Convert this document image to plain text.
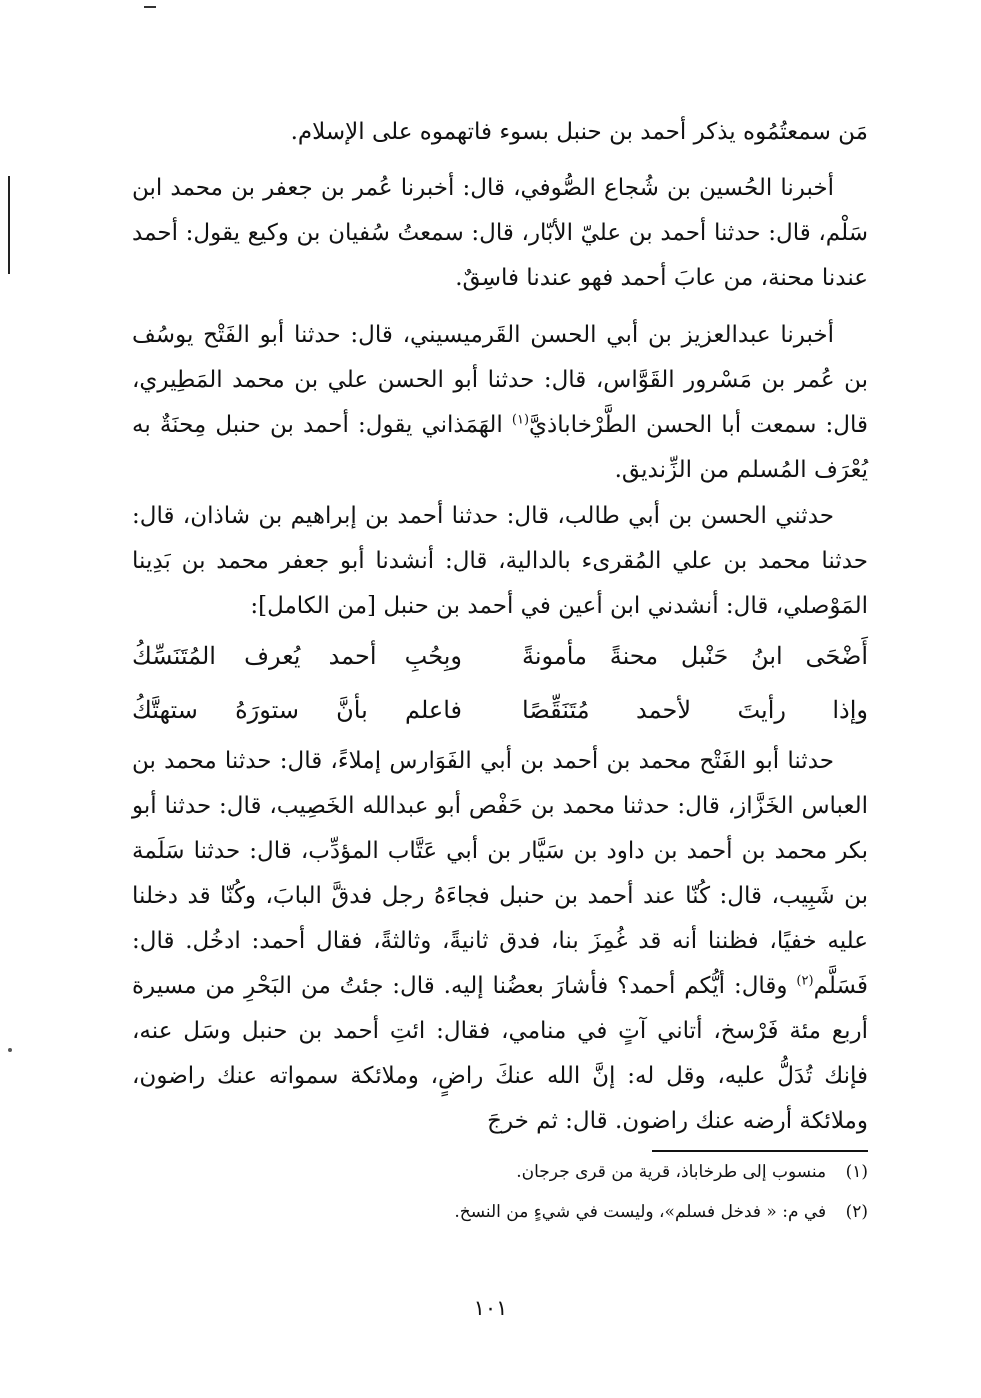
مَن سمعتُمُوه يذكر أحمد بن حنبل بسوء فاتهموه على الإسلام.

أخبرنا الحُسين بن شُجاع الصُّوفي، قال: أخبرنا عُمر بن جعفر بن محمد ابن سَلْم، قال: حدثنا أحمد بن عليّ الأبّار، قال: سمعتُ سُفيان بن وكيع يقول: أحمد عندنا محنة، من عابَ أحمد فهو عندنا فاسِقٌ.

أخبرنا عبدالعزيز بن أبي الحسن القَرميسيني، قال: حدثنا أبو الفَتْح يوسُف بن عُمر بن مَسْرور القَوَّاس، قال: حدثنا أبو الحسن علي بن محمد المَطِيري، قال: سمعت أبا الحسن الطَّرْخاباذيَّ$^{(١)}$ الهَمَذاني يقول: أحمد بن حنبل مِحنَةٌ به يُعْرَف المُسلم من الزِّنديق.

حدثني الحسن بن أبي طالب، قال: حدثنا أحمد بن إبراهيم بن شاذان، قال: حدثنا محمد بن علي المُقرىء بالدالية، قال: أنشدنا أبو جعفر محمد بن بَدِينا المَوْصلي، قال: أنشدني ابن أعين في أحمد بن حنبل [من الكامل]:

أَضْحَى ابنُ حَنْبل محنةً مأمونةً
وبِحُبِ أحمد يُعرف المُتَنَسِّكُ
وإذا رأيتَ لأحمد مُتَنَقِّصًا
فاعلم بأنَّ ستورَهُ ستهتَّكُ

حدثنا أبو الفَتْح محمد بن أحمد بن أبي الفَوَارس إملاءً، قال: حدثنا محمد بن العباس الخَزَّاز، قال: حدثنا محمد بن حَفْص أبو عبدالله الخَصِيب، قال: حدثنا أبو بكر محمد بن أحمد بن داود بن سَيَّار بن أبي عَتَّاب المؤدِّب، قال: حدثنا سَلَمة بن شَبِيب، قال: كُنّا عند أحمد بن حنبل فجاءَهُ رجل فدقَّ البابَ، وكُنّا قد دخلنا عليه خفيًا، فظننا أنه قد غُمِزَ بنا، فدق ثانيةً، وثالثةً، فقال أحمد: ادخُل. قال: فَسَلَّم$^{(٢)}$ وقال: أيُّكم أحمد؟ فأشارَ بعضُنا إليه. قال: جئتُ من البَحْرِ من مسيرة أربع مئة فَرْسخ، أتاني آتٍ في منامي، فقال: ائتِ أحمد بن حنبل وسَل عنه، فإنك تُدَلُّ عليه، وقل له: إنَّ الله عنكَ راضٍ، وملائكة سمواته عنك راضون، وملائكة أرضه عنك راضون. قال: ثم خرجَ

(١) منسوب إلى طرخاباذ، قرية من قرى جرجان.
(٢) في م: « فدخل فسلم»، وليست في شيءٍ من النسخ.
١٠١
